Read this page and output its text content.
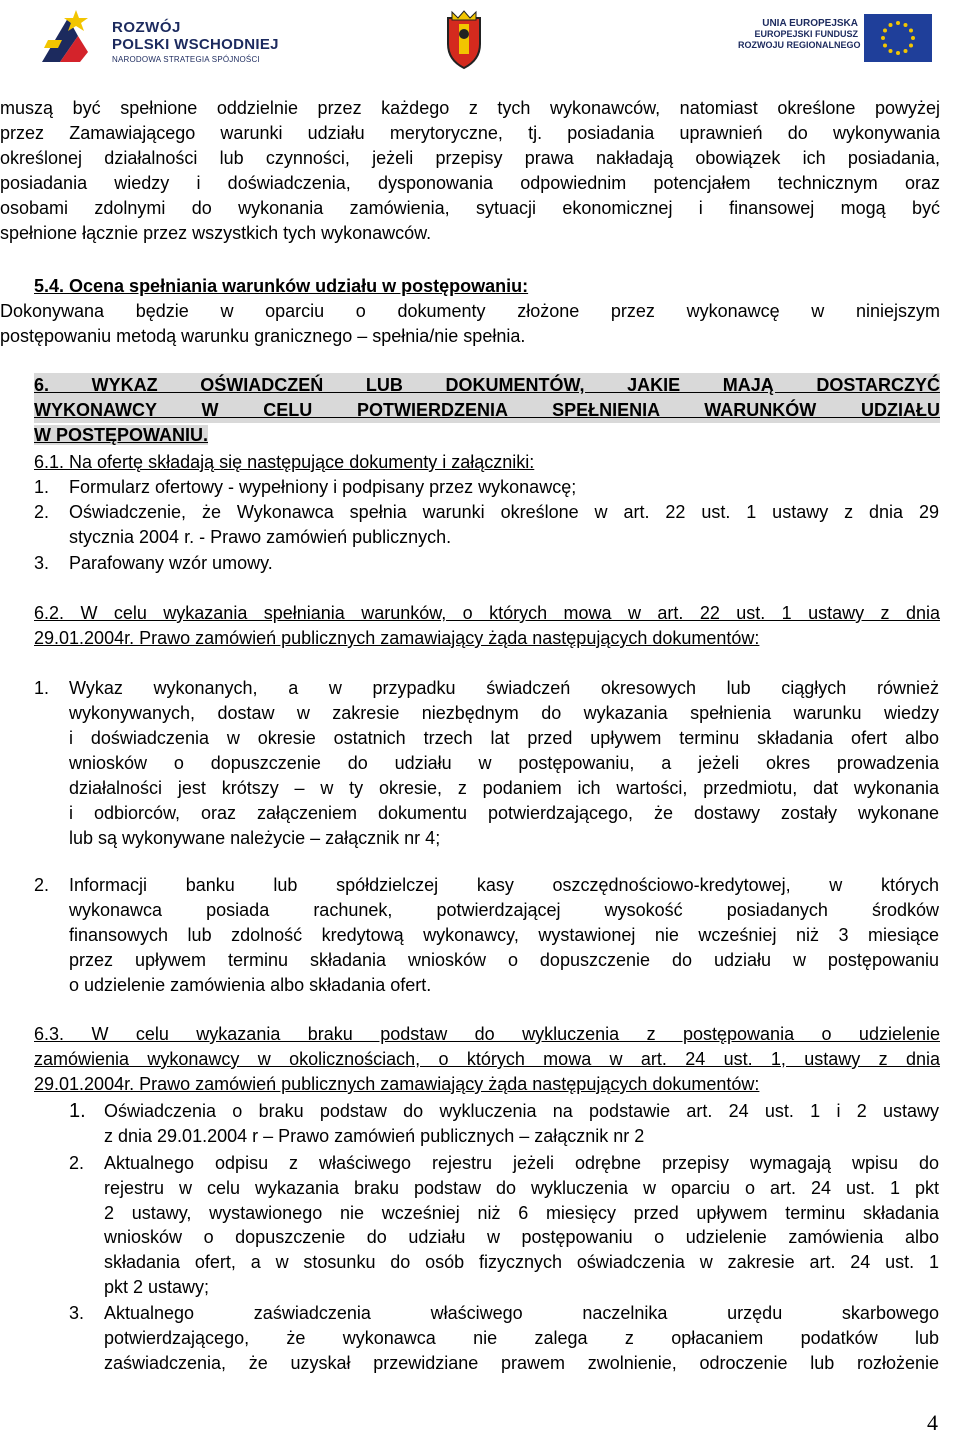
ROZWÓJ
POLSKI WSCHODNIEJ
NARODOWA STRATEGIA SPÓJNOŚCI
UNIA EUROPEJSKA
EUROPEJSKI FUNDUSZ
ROZWOJU REGIONALNEGO

muszą być spełnione oddzielnie przez każdego z tych wykonawców, natomiast określone powyżej

przez Zamawiającego warunki udziału merytoryczne, tj. posiadania uprawnień do wykonywania

określonej działalności lub czynności, jeżeli przepisy prawa nakładają obowiązek ich posiadania,

posiadania wiedzy i doświadczenia, dysponowania odpowiednim potencjałem technicznym oraz

osobami zdolnymi do wykonania zamówienia, sytuacji ekonomicznej i finansowej mogą być

spełnione łącznie przez wszystkich tych wykonawców.

5.4. Ocena spełniania warunków udziału w postępowaniu:

Dokonywana będzie w oparciu o dokumenty złożone przez wykonawcę w niniejszym

postępowaniu metodą warunku granicznego – spełnia/nie spełnia.

6. WYKAZ OŚWIADCZEŃ LUB DOKUMENTÓW, JAKIE MAJĄ DOSTARCZYĆ

WYKONAWCY W CELU POTWIERDZENIA SPEŁNIENIA WARUNKÓW UDZIAŁU

W POSTĘPOWANIU.

6.1. Na ofertę składają się następujące dokumenty i załączniki:

1. Formularz ofertowy - wypełniony i podpisany przez wykonawcę;
2. Oświadczenie, że Wykonawca spełnia warunki określone w art. 22 ust. 1 ustawy z dnia 29
stycznia 2004 r. - Prawo zamówień publicznych.
3. Parafowany wzór umowy.

6.2. W celu wykazania spełniania warunków, o których mowa w art. 22 ust. 1 ustawy z dnia

29.01.2004r. Prawo zamówień publicznych zamawiający żąda następujących dokumentów:

1. Wykaz wykonanych, a w przypadku świadczeń okresowych lub ciągłych również

wykonywanych, dostaw w zakresie niezbędnym do wykazania spełnienia warunku wiedzy

i doświadczenia w okresie ostatnich trzech lat przed upływem terminu składania ofert albo

wniosków o dopuszczenie do udziału w postępowaniu, a jeżeli okres prowadzenia

działalności jest krótszy – w ty okresie, z podaniem ich wartości, przedmiotu, dat wykonania

i odbiorców, oraz załączeniem dokumentu potwierdzającego, że dostawy zostały wykonane

lub są wykonywane należycie – załącznik nr 4;

2. Informacji banku lub spółdzielczej kasy oszczędnościowo-kredytowej, w których

wykonawca posiada rachunek, potwierdzającej wysokość posiadanych środków

finansowych lub zdolność kredytową wykonawcy, wystawionej nie wcześniej niż 3 miesiące

przez upływem terminu składania wniosków o dopuszczenie do udziału w postępowaniu

o udzielenie zamówienia albo składania ofert.

6.3. W celu wykazania braku podstaw do wykluczenia z postępowania o udzielenie

zamówienia wykonawcy w okolicznościach, o których mowa w art. 24 ust. 1, ustawy z dnia

29.01.2004r. Prawo zamówień publicznych zamawiający żąda następujących dokumentów:

1. Oświadczenia o braku podstaw do wykluczenia na podstawie art. 24 ust. 1 i 2 ustawy

z dnia 29.01.2004 r – Prawo zamówień publicznych – załącznik nr 2

2. Aktualnego odpisu z właściwego rejestru jeżeli odrębne przepisy wymagają wpisu do

rejestru w celu wykazania braku podstaw do wykluczenia w oparciu o art. 24 ust. 1 pkt

2 ustawy, wystawionego nie wcześniej niż 6 miesięcy przed upływem terminu składania

wniosków o dopuszczenie do udziału w postępowaniu o udzielenie zamówienia albo

składania ofert, a w stosunku do osób fizycznych oświadczenia w zakresie art. 24 ust. 1

pkt 2 ustawy;

3. Aktualnego zaświadczenia właściwego naczelnika urzędu skarbowego

potwierdzającego, że wykonawca nie zalega z opłacaniem podatków lub

zaświadczenia, że uzyskał przewidziane prawem zwolnienie, odroczenie lub rozłożenie

4
